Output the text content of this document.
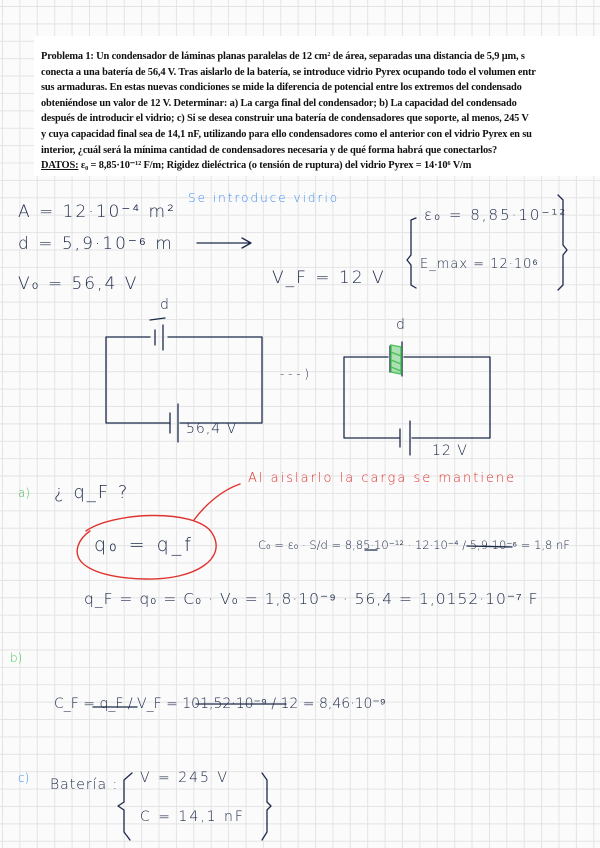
Problema 1: Un condensador de láminas planas paralelas de 12 cm² de área, separadas una distancia de 5,9 μm, s

conecta a una batería de 56,4 V. Tras aislarlo de la batería, se introduce vidrio Pyrex ocupando todo el volumen entr

sus armaduras. En estas nuevas condiciones se mide la diferencia de potencial entre los extremos del condensado

obteniéndose un valor de 12 V. Determinar: a) La carga final del condensador; b) La capacidad del condensado

después de introducir el vidrio; c) Si se desea construir una batería de condensadores que soporte, al menos, 245 V

y cuya capacidad final sea de 14,1 nF, utilizando para ello condensadores como el anterior con el vidrio Pyrex en su

interior, ¿cuál será la mínima cantidad de condensadores necesaria y de qué forma habrá que conectarlos?

DATOS: ε₀ = 8,85·10⁻¹² F/m; Rigidez dieléctrica (o tensión de ruptura) del vidrio Pyrex = 14·10⁶ V/m

Se introduce vidrio
A = 12·10⁻⁴ m²
d = 5,9·10⁻⁶ m
V₀ = 56,4 V	V_F = 12 V
ε₀ = 8,85·10⁻¹²
E_max = 12·10⁶
d
d
56,4 V
12 V
- - - )
a) ¿ q_F ?
Al aislarlo la carga se mantiene
q₀ = q_f	C₀ = ε₀ · S/d = 8,85·10⁻¹² · 12·10⁻⁴ / 5,9·10⁻⁶ = 1,8 nF
q_F = q₀ = C₀ · V₀ = 1,8·10⁻⁹ · 56,4 = 1,0152·10⁻⁷ F
b)
C_F = q_F / V_F = 101,52·10⁻⁹ / 12 = 8,46·10⁻⁹
c) Batería : V = 245 V
C = 14,1 nF
